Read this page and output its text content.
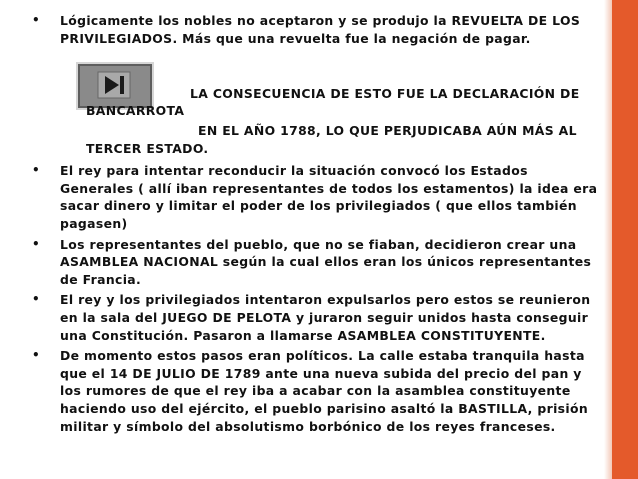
• Lógicamente los nobles no aceptaron y se produjo la REVUELTA DE LOS PRIVILEGIADOS. Más que una revuelta fue la negación de pagar.

LA CONSECUENCIA DE ESTO FUE LA DECLARACIÓN DE
BANCARROTA
EN EL AÑO 1788, LO QUE PERJUDICABA AÚN MÁS AL
TERCER ESTADO.
• El rey para intentar reconducir la situación convocó los Estados Generales ( allí iban representantes de todos los estamentos) la idea era sacar dinero y limitar el poder de los privilegiados ( que ellos también pagasen)

• Los representantes del pueblo, que no se fiaban, decidieron crear una ASAMBLEA NACIONAL según la cual ellos eran los únicos representantes de Francia.

• El rey y los privilegiados intentaron expulsarlos pero estos se reunieron en la sala del JUEGO DE PELOTA y juraron seguir unidos hasta conseguir una Constitución. Pasaron a llamarse ASAMBLEA CONSTITUYENTE.

• De momento estos pasos eran políticos. La calle estaba tranquila hasta que el 14 DE JULIO DE 1789 ante una nueva subida del precio del pan y los rumores de que el rey iba a acabar con la asamblea constituyente haciendo uso del ejército, el pueblo parisino asaltó la BASTILLA, prisión militar y símbolo del absolutismo borbónico de los reyes franceses.
